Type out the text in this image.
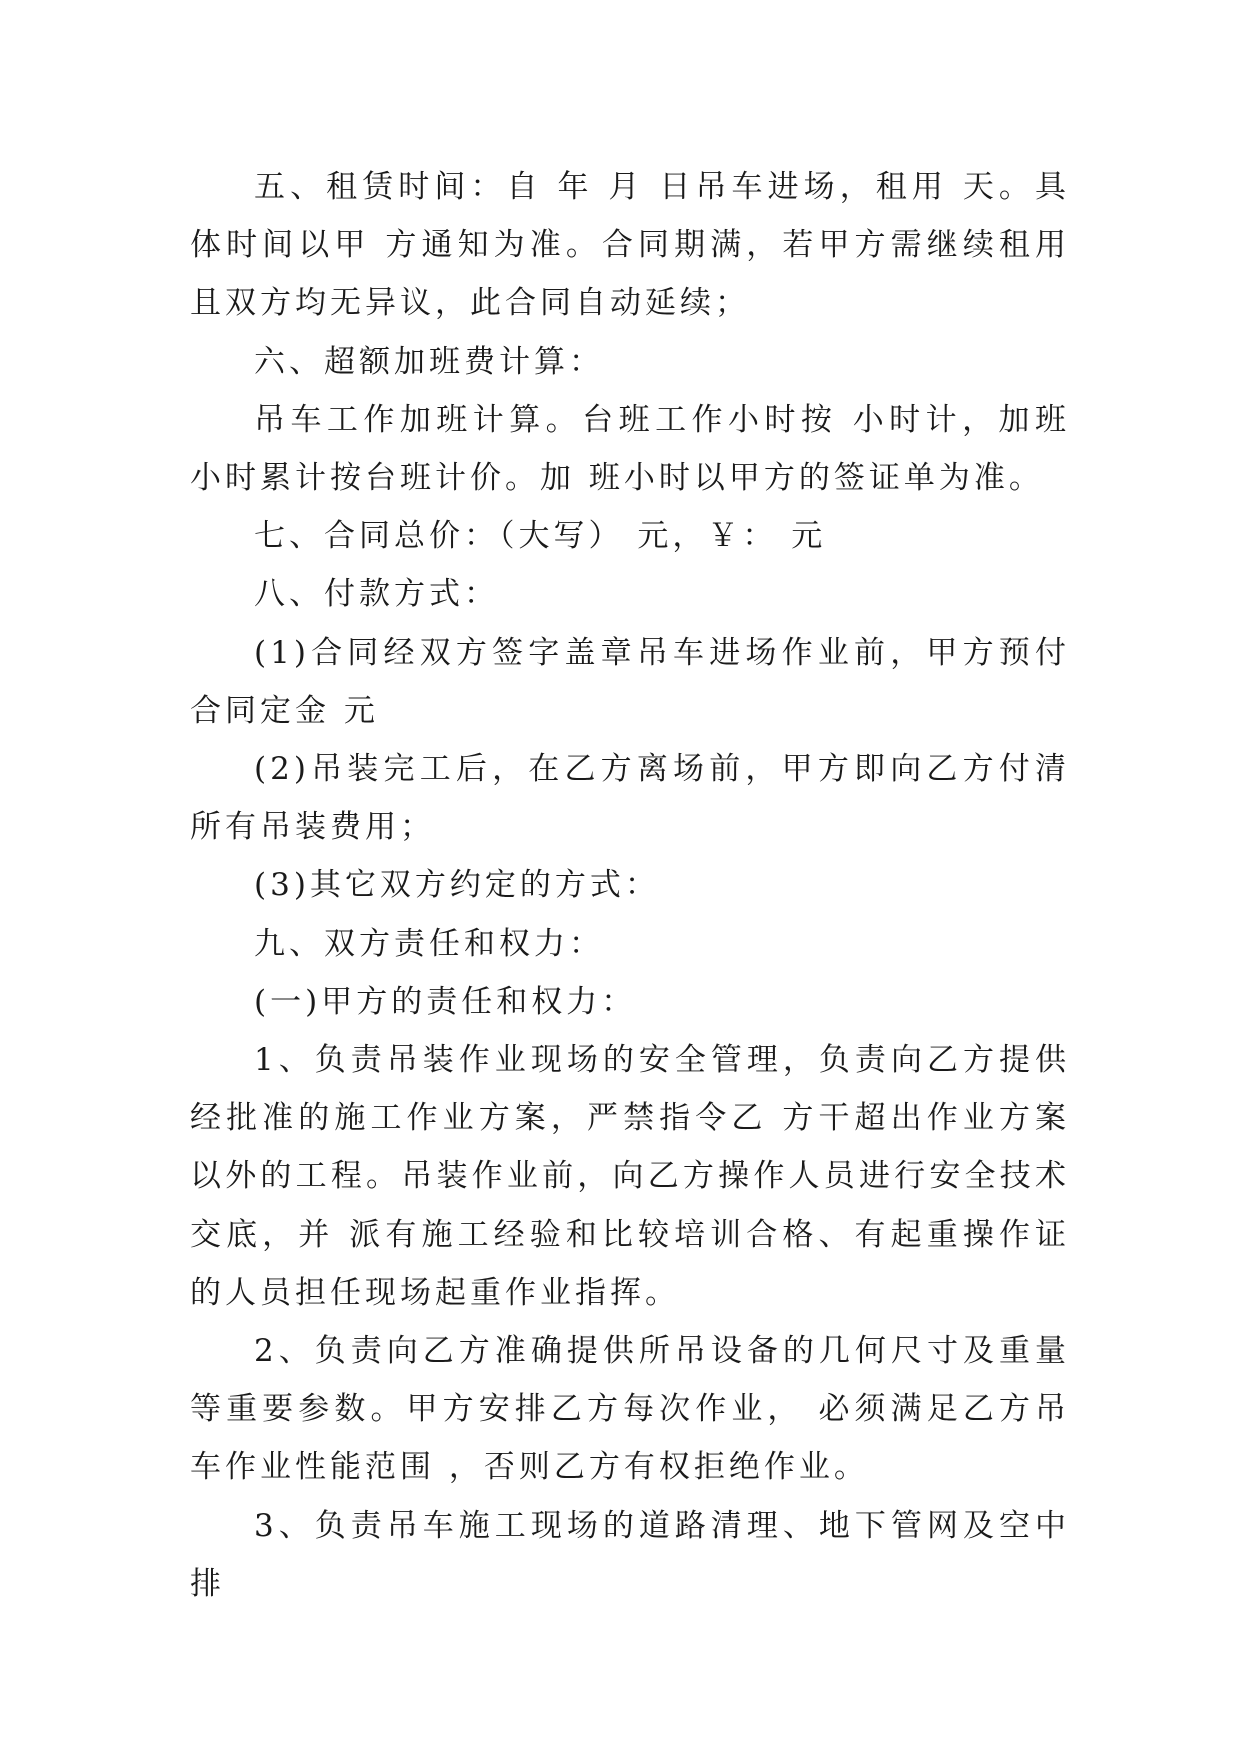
五、租赁时间：自 年 月 日吊车进场，租用 天。具体时间以甲 方通知为准。合同期满，若甲方需继续租用且双方均无异议，此合同自动延续；

六、超额加班费计算：

吊车工作加班计算。台班工作小时按 小时计，加班小时累计按台班计价。加 班小时以甲方的签证单为准。

七、合同总价：（大写） 元，￥： 元

八、付款方式：

(1)合同经双方签字盖章吊车进场作业前，甲方预付合同定金 元

(2)吊装完工后，在乙方离场前，甲方即向乙方付清所有吊装费用；

(3)其它双方约定的方式：

九、双方责任和权力：

(一)甲方的责任和权力：

1、负责吊装作业现场的安全管理，负责向乙方提供经批准的施工作业方案，严禁指令乙 方干超出作业方案以外的工程。吊装作业前，向乙方操作人员进行安全技术交底，并 派有施工经验和比较培训合格、有起重操作证的人员担任现场起重作业指挥。

2、负责向乙方准确提供所吊设备的几何尺寸及重量等重要参数。甲方安排乙方每次作业， 必须满足乙方吊车作业性能范围 ，否则乙方有权拒绝作业。

3、负责吊车施工现场的道路清理、地下管网及空中排
